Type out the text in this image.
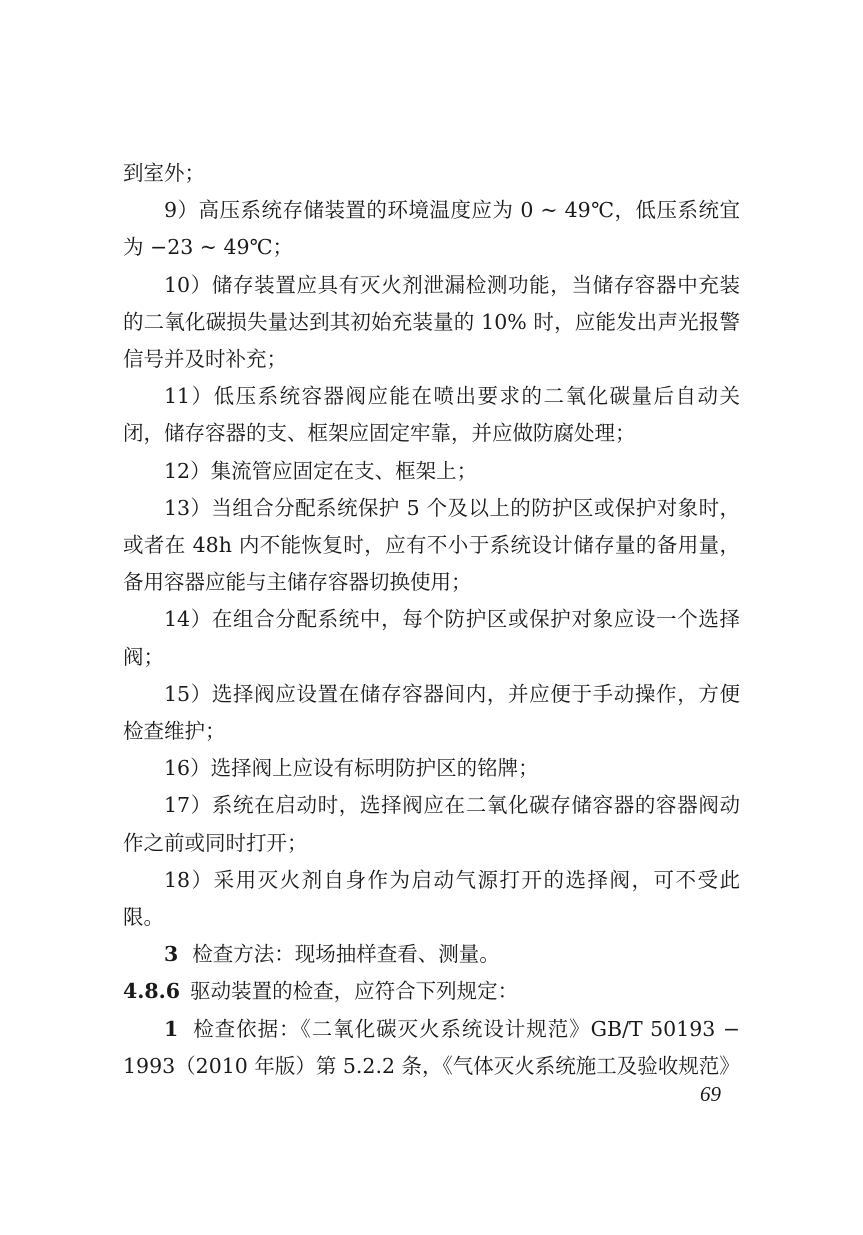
到室外；

9）高压系统存储装置的环境温度应为 0 ~ 49℃，低压系统宜为 −23 ~ 49℃；

10）储存装置应具有灭火剂泄漏检测功能，当储存容器中充装的二氧化碳损失量达到其初始充装量的 10% 时，应能发出声光报警信号并及时补充；

11）低压系统容器阀应能在喷出要求的二氧化碳量后自动关闭，储存容器的支、框架应固定牢靠，并应做防腐处理；

12）集流管应固定在支、框架上；

13）当组合分配系统保护 5 个及以上的防护区或保护对象时，或者在 48h 内不能恢复时，应有不小于系统设计储存量的备用量，备用容器应能与主储存容器切换使用；

14）在组合分配系统中，每个防护区或保护对象应设一个选择阀；

15）选择阀应设置在储存容器间内，并应便于手动操作，方便检查维护；

16）选择阀上应设有标明防护区的铭牌；

17）系统在启动时，选择阀应在二氧化碳存储容器的容器阀动作之前或同时打开；

18）采用灭火剂自身作为启动气源打开的选择阀，可不受此限。

3 检查方法：现场抽样查看、测量。

4.8.6 驱动装置的检查，应符合下列规定：

1 检查依据：《二氧化碳灭火系统设计规范》GB/T 50193 − 1993（2010 年版）第 5.2.2 条，《气体灭火系统施工及验收规范》

69
